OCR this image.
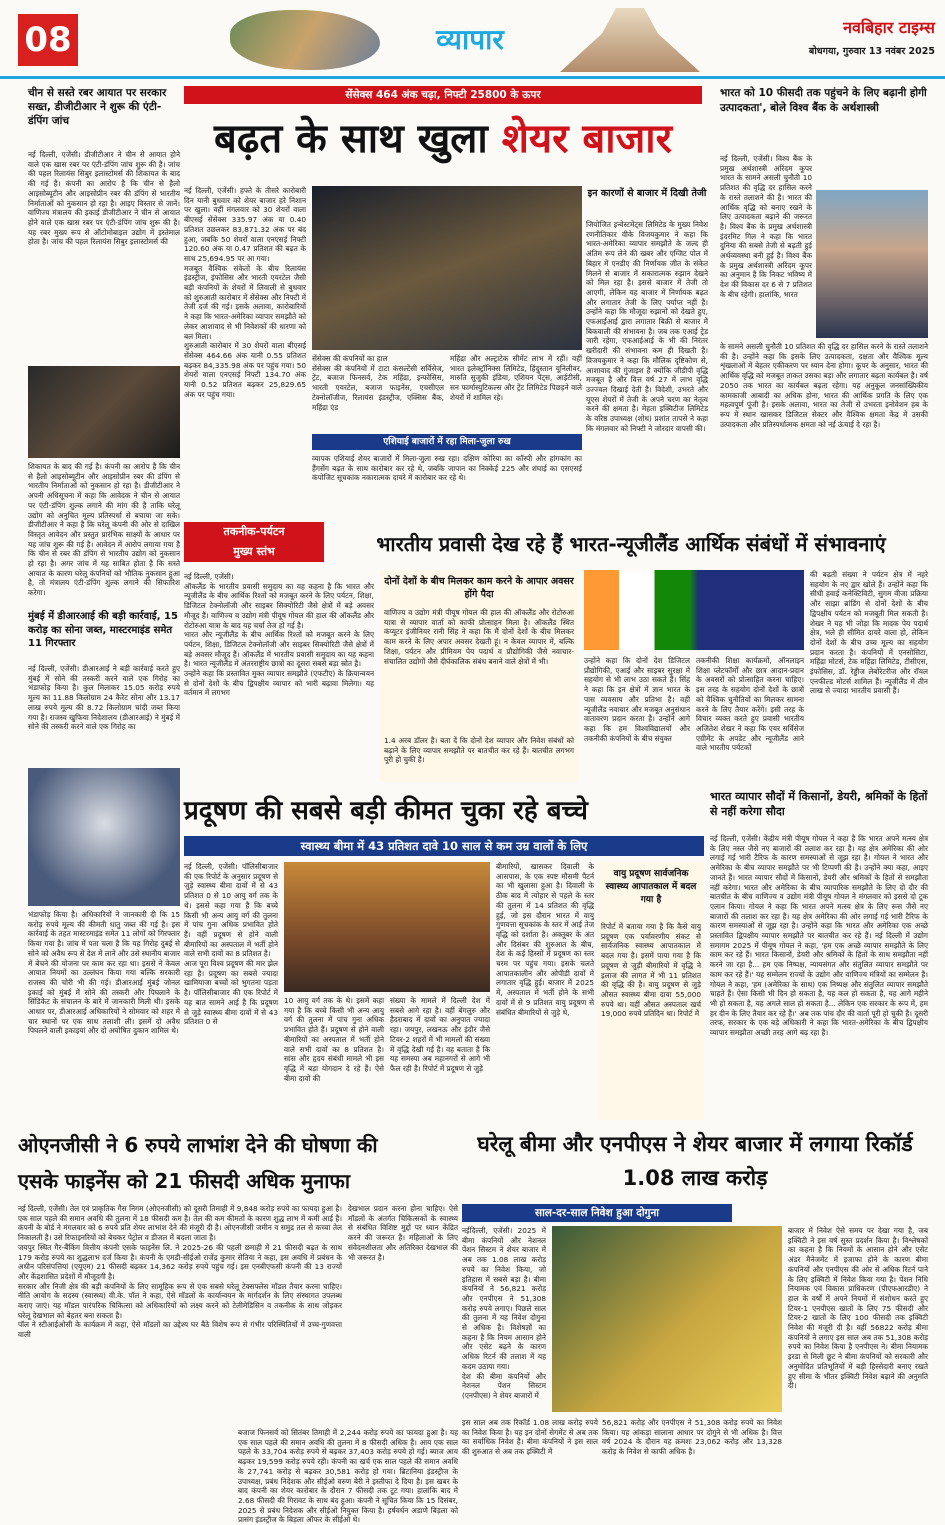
08	व्यापार	नवबिहार टाइम्स
बोधगया, गुरुवार 13 नवंबर 2025
चीन से सस्ते रबर आयात पर सरकार सख्त, डीजीटीआर ने शुरू की एंटी-डंपिंग जांच
नई दिल्ली, एजेंसी। डीजीटीआर ने चीन से आयात होने वाले एक खास रबर पर एंटी-डंपिंग जांच शुरू की है। जांच की पहल रिलायंस सिबुर इलास्टोमर्स की शिकायत के बाद की गई है। कंपनी का आरोप है कि चीन से हैलो आइसोब्यूटीन और आइसोप्रीन रबर की डंपिंग से भारतीय निर्माताओं को नुकसान हो रहा है। आइए विस्तार से जानें। वाणिज्य मंत्रालय की इकाई डीजीटीआर ने चीन से आयात होने वाले एक खास रबर पर एंटी-डंपिंग जांच शुरू की है। यह रबर मुख्य रूप से ऑटोमोबाइल उद्योग में इस्तेमाल होता है। जांच की पहल रिलायंस सिबुर इलास्टोमर्स की
शिकायत के बाद की गई है। कंपनी का आरोप है कि चीन से हैलो आइसोब्यूटीन और आइसोप्रीन रबर की डंपिंग से भारतीय निर्माताओं को नुकसान हो रहा है। डीजीटीआर ने अपनी अधिसूचना में कहा कि आवेदक ने चीन से आयात पर एंटी-डंपिंग शुल्क लगाने की मांग की है ताकि घरेलू उद्योग को अनुचित मूल्य प्रतिस्पर्धा से बचाया जा सके। डीजीटीआर ने कहा है कि घरेलू कंपनी की ओर से दाखिल विस्तृत आवेदन और प्रस्तुत प्रारंभिक साक्ष्यों के आधार पर यह जांच शुरू की गई है। आवेदन में आरोप लगाया गया है कि चीन से रबर की डंपिंग से भारतीय उद्योग को नुकसान हो रहा है। अगर जांच में यह साबित होता है कि सस्ते आयात के कारण घरेलू कंपनियों को भौतिक नुकसान हुआ है, तो मंत्रालय एंटी-डंपिंग शुल्क लगाने की सिफारिश करेगा।
मुंबई में डीआरआई की बड़ी कार्रवाई, 15 करोड़ का सोना जब्त, मास्टरमाइंड समेत 11 गिरफ्तार
नई दिल्ली, एजेंसी। डीआरआई ने बड़ी कार्रवाई करते हुए मुंबई में सोने की तस्करी करने वाले एक गिरोह का भंडाफोड़ किया है। कुल मिलाकर 15.05 करोड़ रुपये मूल्य का 11.88 किलोग्राम 24 कैरेट सोना और 13.17 लाख रुपये मूल्य की 8.72 किलोग्राम चांदी जब्त किया गया है। राजस्व खुफिया निदेशालय (डीआरआई) ने मुंबई में सोने की तस्करी करने वाले एक गिरोह का
भंडाफोड़ किया है। अधिकारियों ने जानकारी दी कि 15 करोड़ रुपये मूल्य की कीमती धातु जब्त की गई है। इस कार्रवाई के तहत मास्टरमाइंड समेत 11 लोगों को गिरफ्तार किया गया है। जांच में पता चला है कि यह गिरोह दुबई से सोने को अवैध रूप से देश में लाने और उसे स्थानीय बाजार में बेचने की योजना पर काम कर रहा था। इससे ने केवल आयात नियमों का उल्लंघन किया गया बल्कि सरकारी राजस्व की चोरी भी की गई। डीआरआई मुंबई जोनल इकाई को मुंबई में सोने की तस्करी और पिघलाने के सिंडिकेट के संचालन के बारे में जानकारी मिली थी। इसके आधार पर, डीआरआई अधिकारियों ने सोमवार को शहर में चार स्थानों पर एक साथ तलाशी ली। इसमें दो अवैध पिघलने वाली इकाइयां और दो अघोषित दुकान शामिल थे।
सेंसेक्स 464 अंक चढ़ा, निफ्टी 25800 के ऊपर
बढ़त के साथ खुला शेयर बाजार
नई दिल्ली, एजेंसी। हफ्ते के तीसरे कारोबारी दिन यानी बुधवार को शेयर बाजार हरे निशान पर खुला। वहीं मंगलवार को 30 शेयरों वाला बीएसई सेंसेक्स 335.97 अंक या 0.40 प्रतिशत उछलकर 83,871.32 अंक पर बंद हुआ, जबकि 50 शेयरों वाला एनएसई निफ्टी 120.60 अंक या 0.47 प्रतिशत की बढ़त के साथ 25,694.95 पर आ गया।
मजबूत वैश्विक संकेतों के बीच रिलायंस इंडस्ट्रीज, इंफोसिस और भारती एयरटेल जैसी बड़ी कंपनियों के शेयरों में लिवाली से बुधवार को शुरुआती कारोबार में सेंसेक्स और निफ्टी में तेजी दर्ज की गई। इसके अलावा, कारोबारियों ने कहा कि भारत-अमेरिका व्यापार समझौते को लेकर आशावाद से भी निवेशकों की धारणा को बल मिला।
शुरुआती कारोबार में 30 शेयरों वाला बीएसई सेंसेक्स 464.66 अंक यानी 0.55 प्रतिशत बढ़कर 84,335.98 अंक पर पहुंच गया। 50 शेयरों वाला एनएसई निफ्टी 134.70 अंक यानी 0.52 प्रतिशत बढ़कर 25,829.65 अंक पर पहुंच गया।
सेंसेक्स की कंपनियों का हाल
सेंसेक्स की कंपनियों में टाटा कंसल्टेंसी सर्विसेज, ट्रेंट, बजाज फिनसर्व, टेक महिंद्रा, इन्फोसिस, भारती एयरटेल, बजाज फाइनेंस, एचसीएल टेक्नोलॉजीज, रिलायंस इंडस्ट्रीज, एक्सिस बैंक, महिंद्रा एंड
महिंद्रा और अल्ट्राटेक सीमेंट लाभ में रहीं। वहीं भारत इलेक्ट्रॉनिक्स लिमिटेड, हिंदुस्तान यूनिलीवर, मारुति सुजुकी इंडिया, एशियन पेंट्स, आईटीसी, सन फार्मास्युटिकल्स और ट्रेंट लिमिटेड पिछड़ने वाले शेयरों में शामिल रहे।
इन कारणों से बाजार में दिखी तेजी
जियोजित इन्वेस्टमेंट्स लिमिटेड के मुख्य निवेश रणनीतिकार वीके विजयकुमार ने कहा कि भारत-अमेरिका व्यापार समझौते के जल्द ही अंतिम रूप लेने की खबर और एग्जिट पोल में बिहार में एनडीए की निर्णायक जीत के संकेत मिलने से बाजार में सकारात्मक रुझान देखने को मिल रहा है। इससे बाजार में तेजी तो आएगी, लेकिन यह बाजार में निर्णायक बढ़त और लगातार तेजी के लिए पर्याप्त नहीं है। उन्होंने कहा कि मौजूदा रुझानों को देखते हुए, एफआईआई द्वारा लगातार बिक्री से बाजार में बिकवाली की संभावना है। जब तक एआई ट्रेड जारी रहेगा, एफआईआई के भी की निरंतर खरीदारी की संभावना कम ही दिखती है। विजयकुमार ने कहा कि मौलिक दृष्टिकोण से, आशावाद की गुंजाइश है क्योंकि जीडीपी वृद्धि मजबूत है और वित्त वर्ष 27 में लाभ वृद्धि उज्ज्वल दिखाई देती है। विदेशी, उभरते और यूएस शेयरों में तेजी के अपने चरण का नेतृत्व करने की क्षमता है। मेहता इक्विटीज लिमिटेड के वरिष्ठ उपाध्यक्ष (शोध) प्रशांत तापसे ने कहा कि मंगलवार को निफ्टी ने जोरदार वापसी की।
एशियाई बाजारों में रहा मिला-जुला रुख
व्यापक एशियाई शेयर बाजारों में मिला-जुला रुख रहा। दक्षिण कोरिया का कॉस्पी और हांगकांग का हैंगसेंग बढ़त के साथ कारोबार कर रहे थे, जबकि जापान का निक्केई 225 और शंघाई का एसएसई कंपोजिट सूचकांक नकारात्मक दायरे में कारोबार कर रहे थे।
भारत को 10 फीसदी तक पहुंचने के लिए बढ़ानी होगी उत्पादकता', बोले विश्व बैंक के अर्थशास्त्री
नई दिल्ली, एजेंसी। विश्व बैंक के प्रमुख अर्थशास्त्री अरिंदम कूपर भारत के सामने असली चुनौती 10 प्रतिशत की वृद्धि दर हासिल करने के रास्ते तलाशने की है। भारत की आर्थिक वृद्धि को बनाए रखने के लिए उत्पादकता बढ़ाने की जरूरत है। विश्व बैंक के प्रमुख अर्थशास्त्री इंदरमिट गिल ने कहा कि भारत दुनिया की सबसे तेजी से बढ़ती हुई अर्थव्यवस्था बनी हुई है। विश्व बैंक के प्रमुख अर्थशास्त्री अरिंदम कूपर का अनुमान है कि निकट भविष्य में देश की विकास दर 6 से 7 प्रतिशत के बीच रहेगी। हालांकि, भारत
के सामने असली चुनौती 10 प्रतिशत की वृद्धि दर हासिल करने के रास्ते तलाशने की है। उन्होंने कहा कि इसके लिए उत्पादकता, दक्षता और वैश्विक मूल्य शृंखलाओं में बेहतर एकीकरण पर ध्यान देना होगा। कूपर के अनुसार, भारत की आर्थिक वृद्धि को मजबूत ताकत उसका बड़ा और लगातार बढ़ता कार्यबल है। वर्ष 2050 तक भारत का कार्यबल बढ़ता रहेगा। यह अनुकूल जनसांख्यिकीय कामकाजी आबादी का अधिक होना, भारत की आर्थिक प्रगति के लिए एक महत्वपूर्ण पूंजी है। इसके अलावा, भारत का तेजी से उभरता इनोवेशन हब के रूप में स्थान खासकर डिजिटल सेक्टर और वैश्विक क्षमता केंद्र में उसकी उत्पादकता और प्रतिस्पर्धात्मक क्षमता को नई ऊंचाई दे रहा है।
तकनीक-पर्यटन
मुख्य स्तंभ	भारतीय प्रवासी देख रहे हैं भारत-न्यूजीलैंड आर्थिक संबंधों में संभावनाएं
नई दिल्ली, एजेंसी।
ऑकलैंड के भारतीय प्रवासी समुदाय का यह कहना है कि भारत और न्यूजीलैंड के बीच आर्थिक रिश्तों को मजबूत करने के लिए पर्यटन, शिक्षा, डिजिटल टेक्नोलॉजी और साइबर सिक्योरिटी जैसे क्षेत्रों में बड़े अवसर मौजूद हैं। वाणिज्य व उद्योग मंत्री पीयूष गोयल की हाल की ऑकलैंड और रोटोरुआ यात्रा के बाद यह चर्चा तेज हो गई है।
भारत और न्यूजीलैंड के बीच आर्थिक रिश्तों को मजबूत करने के लिए पर्यटन, शिक्षा, डिजिटल टेक्नोलॉजी और साइबर सिक्योरिटी जैसे क्षेत्रों में बड़े अवसर मौजूद हैं। ऑकलैंड में भारतीय प्रवासी समुदाय का यह कहना है। भारत न्यूजीलैंड में अंतरराष्ट्रीय छात्रों का दूसरा सबसे बड़ा स्रोत है।
उन्होंने कहा कि प्रस्तावित मुक्त व्यापार समझौते (एफटीए) के क्रियान्वयन से दोनों देशों के बीच द्विपक्षीय व्यापार को भारी बढ़ावा मिलेगा। यह वर्तमान में लगभग
दोनों देशों के बीच मिलकर काम करने के आपार अवसर होंगे पैदा
वाणिज्य व उद्योग मंत्री पीयूष गोयल की हाल की ऑकलैंड और रोटोरुआ यात्रा से व्यापार वार्ता को काफी प्रोत्साहन मिला है। ऑकलैंड स्थित कंप्यूटर इंजीनियर रानी सिंह ने कहा कि मैं दोनों देशों के बीच मिलकर काम करने के लिए अपार अवसर देखती हूं। न केवल व्यापार में, बल्कि शिक्षा, पर्यटन और प्रीमियम पेय पदार्थ व प्रौद्योगिकी जैसे नवाचार-संचालित उद्योगों जैसे दीर्घकालिक संबंध बनाने वाले क्षेत्रों में भी।
1.4 अरब डॉलर है। बता दें कि दोनों देश व्यापार और निवेश संबंधों को बढ़ाने के लिए व्यापार समझौते पर बातचीत कर रहे हैं। बातचीत लगभग पूरी हो चुकी है।
उन्होंने कहा कि दोनों देश डिजिटल प्रौद्योगिकी, एआई और साइबर सुरक्षा में सहयोग से भी लाभ उठा सकते हैं। सिंह ने कहा कि इन क्षेत्रों में ज्ञान भारत के पास व्यवसाय और प्रतिभा है। वहीं न्यूजीलैंड नवाचार और मजबूत अनुसंधान वातावरण प्रदान करता है। उन्होंने आगे कहा कि हम विश्वविद्यालयों और तकनीकी कंपनियों के बीच संयुक्त
तकनीकी शिक्षा कार्यक्रमों, ऑनलाइन शिक्षा प्लेटफॉर्मों और छात्र आदान-प्रदान के अवसरों को प्रोत्साहित करना चाहिए। इस तरह के सहयोग दोनों देशों के छात्रों को वैश्विक चुनौतियों का मिलकर सामना करने के लिए तैयार करेंगे। इसी तरह के विचार व्यक्त करते हुए प्रवासी भारतीय अजितेश शेखर ने कहा कि एयर सर्विसेज एग्रीमेंट के अपडेट और न्यूजीलैंड आने वाले भारतीय पर्यटकों
की बढ़ती संख्या ने पर्यटन क्षेत्र में नहरे सहयोग के नए द्वार खोले हैं। उन्होंने कहा कि सीधी हवाई कनेक्टिविटी, सुगम वीजा प्रक्रिया और साझा ब्रांडिंग से दोनों देशों के बीच द्विपक्षीय पर्यटन को मजबूती मिल सकती है। शेखर ने यह भी जोड़ा कि मादक पेय पदार्थ क्षेत्र, भले ही सीमित दायरे वाला हो, लेकिन दोनों देशों के बीच उच्च मूल्य का सहयोग प्रदान करता है। कंपनियों में एनसोसिटा, महिंद्रा मोटर्स, टेक महिंद्रा लिमिटेड, टीसीएस, इंफोसिस, डॉ. रेड्डीज लेबोरेटरीज और रॉयल एनफील्ड मोटर्स शामिल हैं। न्यूजीलैंड में तीन लाख से ज्यादा भारतीय प्रवासी हैं।
प्रदूषण की सबसे बड़ी कीमत चुका रहे बच्चे
स्वास्थ्य बीमा में 43 प्रतिशत दावे 10 साल से कम उम्र वालों के लिए
नई दिल्ली, एजेंसी। पॉलिसीबाजार की एक रिपोर्ट के अनुसार प्रदूषण से जुड़े स्वास्थ्य बीमा दावों में से 43 प्रतिशत 0 से 10 आयु वर्ग तक के थे। इससे कहा गया है कि बच्चे किसी भी अन्य आयु वर्ग की तुलना में पांच गुना अधिक प्रभावित होते हैं। वहीं प्रदूषण से होने वाली बीमारियों का अस्पताल में भर्ती होने वाले सभी दावों का 8 प्रतिशत है।
आज पूरा विश्व प्रदूषण की मार झेल रहा है। प्रदूषण का सबसे ज्यादा खामियाजा बच्चों को भुगतना पड़ता है। पॉलिसीबाजार की एक रिपोर्ट में यह बात सामने आई है कि प्रदूषण से जुड़े स्वास्थ्य बीमा दावों में से 43 प्रतिशत 0 से
10 आयु वर्ग तक के थे। इसमें कहा गया है कि बच्चे किसी भी अन्य आयु वर्ग की तुलना में पांच गुना अधिक प्रभावित होते हैं। प्रदूषण से होने वाली बीमारियों का अस्पताल में भर्ती होने वाले सभी दावों का 8 प्रतिशत है। सांस और हृदय संबंधी मामले भी इस वृद्धि में बड़ा योगदान दे रहे हैं। ऐसे बीमा दावों की
संख्या के मामले में दिल्ली देश में सबसे आगे रहा है। वहीं बेंगलुरु और हैदराबाद में दावों का अनुपात ज्यादा रहा। जयपुर, लखनऊ और इंदौर जैसे टियर-2 शहरों में भी मामलों की संख्या में वृद्धि देखी गई है। वह बताता है कि यह समस्या अब महानगरों से आगे भी फैल रही है। रिपोर्ट में प्रदूषण से जुड़े
बीमारियों, खासकर दिवाली के आसपास, के एक स्पष्ट मौसमी पैटर्न का भी खुलासा हुआ है। दिवाली के ठीक बाद में त्योहार से पहले के स्तर की तुलना में 14 प्रतिशत की वृद्धि हुई, जो इस दौरान भारत में वायु गुणवत्ता सूचकांक के स्तर में आई तेज वृद्धि को दर्शाता है। अक्तूबर के अंत और दिसंबर की शुरुआत के बीच, देश के कई हिस्सों में प्रदूषण का स्तर चरम पर पहुंच गया। इसके चलते आपातकालीन और ओपीडी दावों में लगातार वृद्धि हुई। बाजार में 2025 में, अस्पताल में भर्ती होने के सभी दावों में से 9 प्रतिशत वायु प्रदूषण से संबंधित बीमारियों से जुड़े थे,
वायु प्रदूषण सार्वजनिक स्वास्थ्य आपातकाल में बदल गया है
रिपोर्ट में बताया गया है कि कैसे वायु प्रदूषण एक पर्यावरणीय संकट से सार्वजनिक स्वास्थ्य आपातकाल में बदल गया है। इसमें पाया गया है कि प्रदूषण से जुड़ी बीमारियों में वृद्धि ने इलाज की लागत में भी 11 प्रतिशत की वृद्धि की है। वायु प्रदूषण से जुड़े औसत स्वास्थ्य बीमा दावा 55,000 रुपये था। वहीं औसत अस्पताल खर्च 19,000 रुपये प्रतिदिन था। रिपोर्ट में
भारत व्यापार सौदों में किसानों, डेयरी, श्रमिकों के हितों से नहीं करेगा सौदा
नई दिल्ली, एजेंसी। केंद्रीय मंत्री पीयूष गोयल ने कहा है कि भारत अपने मत्स्य क्षेत्र के लिए नस्ल जैसे नए बाजारों की तलाश कर रहा है। यह क्षेत्र अमेरिका की ओर लगाई गई भारी टैरिफ के कारण समस्याओं से जूझ रहा है। गोयल ने भारत और अमेरिका के बीच व्यापार समझौते पर भी टिप्पणी की है। उन्होंने क्या कहा, आइए जानते हैं। भारत व्यापार सौदों में किसानों, डेयरी और श्रमिकों के हितों से समझौता नहीं करेगा। भारत और अमेरिका के बीच व्यापारिक समझौते के लिए दो दौर की बातचीत के बीच वाणिज्य व उद्योग मंत्री पीयूष गोयल ने मंगलवार को इससे दो टूक एलान किया। गोयल ने कहा कि भारत अपने मत्स्य क्षेत्र के लिए रूस जैसे नए बाजारों की तलाश कर रहा है। यह क्षेत्र अमेरिका की ओर लगाई गई भारी टैरिफ के कारण समस्याओं से जूझ रहा है। उन्होंने कहा कि भारत और अमेरिका एक अच्छे प्रस्तावित द्विपक्षीय व्यापार समझौते पर बातचीत कर रहे हैं। नई दिल्ली में उद्योग समागम 2025 में पीयूष गोयल ने कहा, 'हम एक अच्छे व्यापार समझौते के लिए काम कर रहे हैं। भारत किसानों, डेयरी और श्रमिकों के हितों के साथ समझौता नहीं करने जा रहा है... हम एक निष्पक्ष, न्यायसंगत और संतुलित व्यापार समझौते पर काम कर रहे हैं।' यह सम्मेलन राज्यों के उद्योग और वाणिज्य मंत्रियों का सम्मेलन है। गोयल ने कहा, 'हम (अमेरिका के साथ) एक निष्पक्ष और संतुलित व्यापार समझौते चाहते हैं। ऐसा किसी भी दिन हो सकता है, यह कल हो सकता है, यह आगे महीने भी हो सकता है, यह अगले साल हो सकता है... लेकिन एक सरकार के रूप में, हम हर दीन के लिए तैयार कर रहे हैं।' अब तक पांच दौर की वार्ता पूरी हो चुकी है। दूसरी तरफ, सरकार के एक बड़े अधिकारी ने कहा कि भारत-अमेरिका के बीच द्विपक्षीय व्यापार समझौता अच्छी तरह आगे बढ़ रहा है।
ओएनजीसी ने 6 रुपये लाभांश देने की घोषणा की
एसके फाइनेंस को 21 फीसदी अधिक मुनाफा
नई दिल्ली, एजेंसी। तेल एवं प्राकृतिक गैस निगम (ओएनजीसी) को दूसरी तिमाही में 9,848 करोड़ रुपये का फायदा हुआ है। एक साल पहले की समान अवधि की तुलना में 18 फीसदी कम है। तेल की कम कीमतों के कारण शुद्ध लाभ में कमी आई है। कंपनी के बोर्ड ने मंगलवार को 6 रुपये प्रति शेयर लाभांश देने की मंजूरी दी है। ओएनजीसी जमीन व समुद्र तल से कच्चा तेल निकालती है। उसे रिफाइनरियों को बेचकर पेट्रोल व डीजल में बदला जाता है।
जयपुर स्थित गैर-बैंकिंग वित्तीय कंपनी एसके फाइनेंस लि. ने 2025-26 की पहली छमाही में 21 फीसदी बढ़त के साथ 179 करोड़ रुपये का शुद्धलाभ दर्ज किया है। कंपनी के एमडी-सीईओ राजेंद्र कुमार सेतिया ने कहा, इस अवधि में प्रबंधन के अधीन परिसंपत्तियां (एयूएम) 21 फीसदी बढ़कर 14,362 करोड़ रुपये पहुंच गई। इस एनबीएफसी कंपनी की 13 राज्यों और केंद्रशासित प्रदेशों में मौजूदगी है।
सरकार और निजी क्षेत्र की बड़ी कंपनियों के लिए सामूहिक रूप से एक सबसे घरेलू टेक्सफ्लेस मॉडल तैयार करना चाहिए। नीति आयोग के सदस्य (स्वास्थ्य) वी.के. पॉल ने कहा, ऐसे मॉडलों के कार्यान्वयन के मार्गदर्शन के लिए संस्थागत उपलब्ध कराए जाएं। यह मॉडल पारंपरिक चिकित्सा को अधिकारियों को लक्ष्य करने को टेलीमेडिसिन व तकनीक के साथ जोड़कर घरेलू देखभाल को बेहतर बना सकता है।
पॉल ने स्टीआईओसी के कार्यक्रम में कहा, ऐसे मॉडलों का उद्देश्य घर बैठे विशेष रूप से गंभीर परिस्थितियों में उच्च-गुणवत्ता वाली
देखभाल प्रदान करना होना चाहिए। ऐसे मॉडलों के अंतर्गत चिकित्सकों के स्वास्थ्य से संबंधित विशिष्ट मुद्दों पर ध्यान केंद्रित करने की जरूरत है। महिलाओं के लिए संवेदनशीलता और अतिरिक्त देखभाल की भी जरूरत है।
बजाज फिनसर्व को सितंबर तिमाही में 2,244 करोड़ रुपये का फायदा हुआ है। यह एक साल पहले की समान अवधि की तुलना में 8 फीसदी अधिक है। आय एक साल पहले के 33,704 करोड़ रुपये से बढ़कर 37,403 करोड़ रुपये हो गई। ब्याज आय बढ़कर 19,599 करोड़ रुपये रही। कंपनी का खर्च एक साल पहले की समान अवधि के 27,741 करोड़ से बढ़कर 30,581 करोड़ हो गया। ब्रिटानिया इंडस्ट्रीज के उपाध्यक्ष, प्रबंध निदेशक और सीईओ वरुण बेरी ने इस्तीफा दे दिया है। इस खबर के बाद कंपनी का शेयर कारोबार के दौरान 7 फीसदी तक टूट गया। हालांकि बाद में 2.68 फीसदी की गिरावट के साथ बंद हुआ। कंपनी ने सूचित किया कि 15 दिसंबर, 2025 से प्रबंध निदेशक और सीईओ नियुक्त किया है। हर्षवर्धन अडाणे बिड़ला को प्रासंग इंडस्ट्रीज के बिड़ला ऑफर के सीईओ थे।
घरेलू बीमा और एनपीएस ने शेयर बाजार में लगाया रिकॉर्ड 1.08 लाख करोड़
साल-दर-साल निवेश हुआ दोगुना
नईदिल्ली, एजेंसी। 2025 में बीमा कंपनियों और नेशनल पेंशन सिस्टम ने शेयर बाजार में अब तक 1.08 लाख करोड़ रुपये का निवेश किया, जो इतिहास में सबसे बड़ा है। बीमा कंपनियों ने 56,821 करोड़ और एनपीएस ने 51,308 करोड़ रुपये लगाए। पिछले साल की तुलना में यह निवेश दोगुना से अधिक है। विशेषज्ञों का कहना है कि नियम आसान होने और एसेट बढ़ने के कारण अधिक रिटर्न की तलाश में यह कदम उठाया गया।
देश की बीमा कंपनियों और नेशनल पेंशन सिस्टम (एनपीएस) ने शेयर बाजारों में
इस साल अब तक रिकॉर्ड 1.08 लाख करोड़ रुपये का निवेश किया है। यह इन दोनों सेगमेंट से अब तक का सर्वाधिक निवेश है। बीमा कंपनियों ने इस साल की शुरुआत से अब तक इक्विटी में
56,821 करोड़ और एनपीएस ने 51,308 करोड़ रुपये का निवेश किया। यह आंकड़ा सालाना आधार पर दोगुने से भी अधिक है। वित्त वर्ष 2024 के दौरान यह क्रमशः 23,062 करोड़ और 13,328 करोड़ के निवेश से काफी अधिक है।
बाजार में निवेश ऐसे समय पर देखा गया है, जब इक्विटी ने इस वर्ष सुस्त प्रदर्शन किया है। विश्लेषकों का कहना है कि नियमों के आसान होने और एसेट अंडर मैनेजमेंट में इजाफा होने के कारण बीमा कंपनियों और एनपीएस की ओर से अधिक रिटर्न पाने के लिए इक्विटी में निवेश किया गया है। पेंशन निधि नियामक एवं विकास प्राधिकरण (पीएफआरडीए) ने हाल के वर्षों में अपने नियमों में संशोधन करते हुए टियर-1 एनपीएस खातों के लिए 75 फीसदी और टियर-2 खातों के लिए 100 फीसदी तक इक्विटी निवेश की मंजूरी दी है। वहीं 56822 करोड़ बीमा कंपनियों ने लगाए इस साल अब तक 51,308 करोड़ रुपये का निवेश किया है एनपीएस ने। बीमा नियामक इरडा से मिली छूट ने बीमा कंपनियों को सरकारी और अनुमोदित प्रतिभूतियों में बड़ी हिस्सेदारी बनाए रखते हुए सीमा के भीतर इक्विटी निवेश बढ़ाने की अनुमति दी।
